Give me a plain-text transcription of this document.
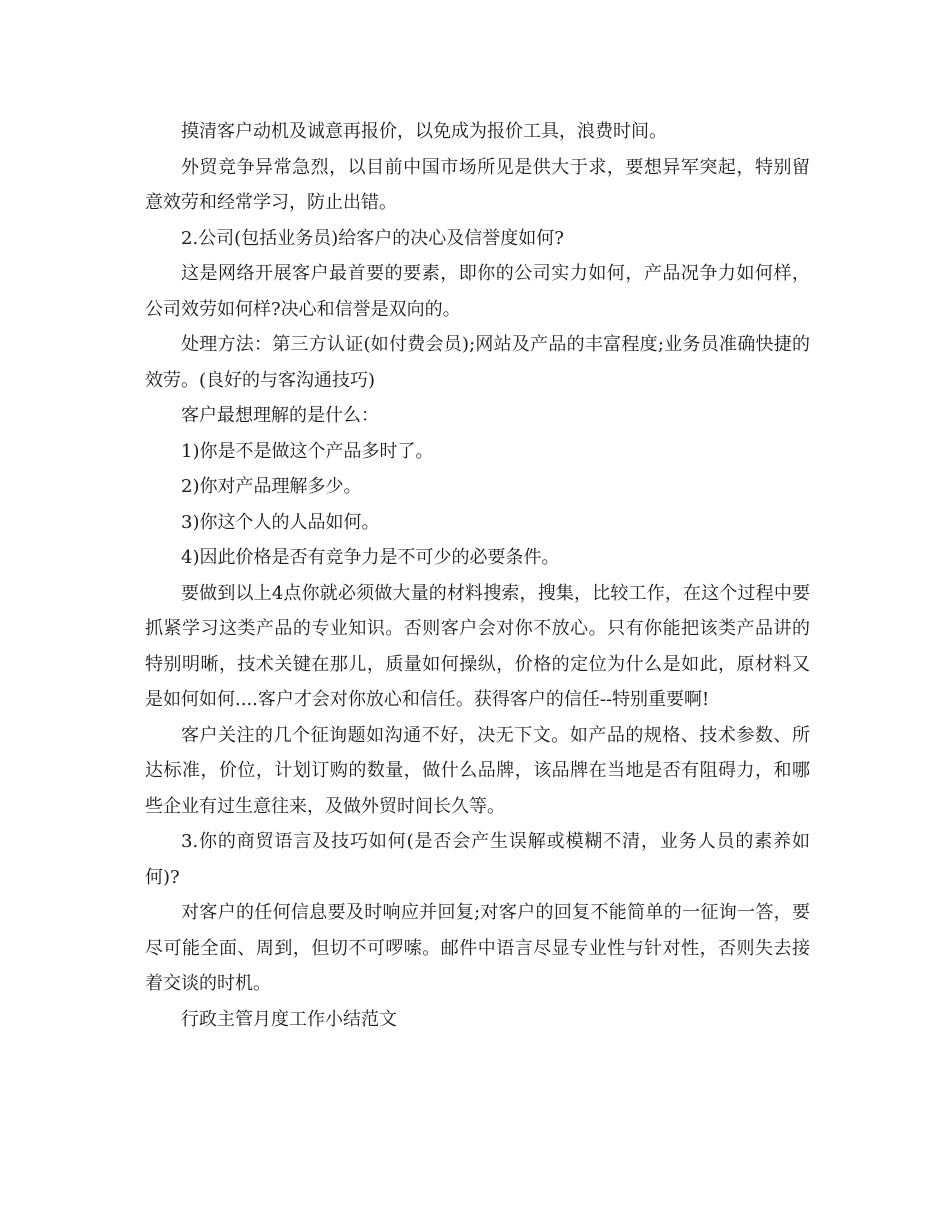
摸清客户动机及诚意再报价，以免成为报价工具，浪费时间。

外贸竞争异常急烈，以目前中国市场所见是供大于求，要想异军突起，特别留意效劳和经常学习，防止出错。

2.公司(包括业务员)给客户的决心及信誉度如何?

这是网络开展客户最首要的要素，即你的公司实力如何，产品况争力如何样，公司效劳如何样?决心和信誉是双向的。

处理方法：第三方认证(如付费会员);网站及产品的丰富程度;业务员准确快捷的效劳。(良好的与客沟通技巧)

客户最想理解的是什么：

1)你是不是做这个产品多时了。

2)你对产品理解多少。

3)你这个人的人品如何。

4)因此价格是否有竞争力是不可少的必要条件。

要做到以上4点你就必须做大量的材料搜索，搜集，比较工作，在这个过程中要抓紧学习这类产品的专业知识。否则客户会对你不放心。只有你能把该类产品讲的特别明晰，技术关键在那儿，质量如何操纵，价格的定位为什么是如此，原材料又是如何如何....客户才会对你放心和信任。获得客户的信任--特别重要啊!

客户关注的几个征询题如沟通不好，决无下文。如产品的规格、技术参数、所达标准，价位，计划订购的数量，做什么品牌，该品牌在当地是否有阻碍力，和哪些企业有过生意往来，及做外贸时间长久等。

3.你的商贸语言及技巧如何(是否会产生误解或模糊不清，业务人员的素养如何)?

对客户的任何信息要及时响应并回复;对客户的回复不能简单的一征询一答，要尽可能全面、周到，但切不可啰嗦。邮件中语言尽显专业性与针对性，否则失去接着交谈的时机。

行政主管月度工作小结范文
